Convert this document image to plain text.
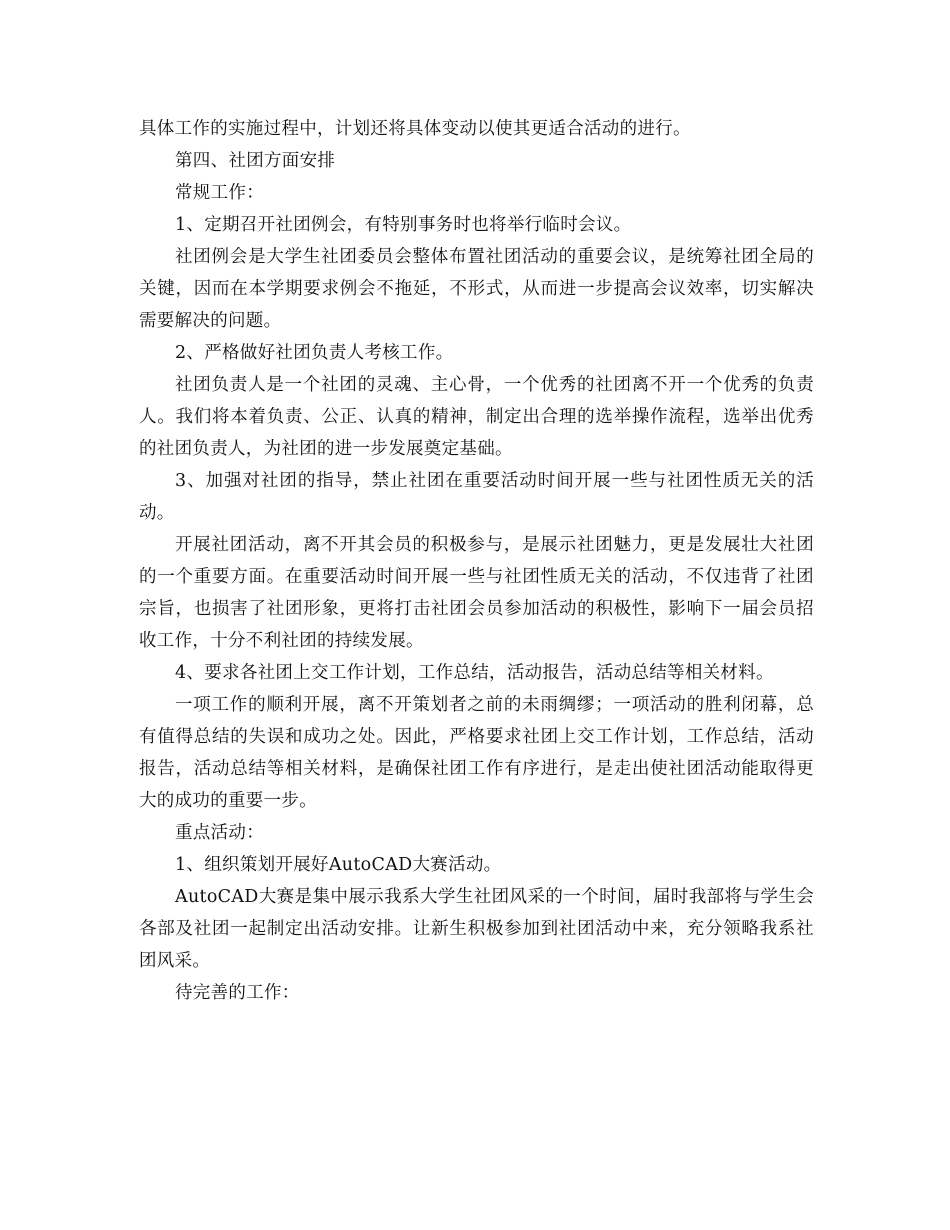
具体工作的实施过程中，计划还将具体变动以使其更适合活动的进行。

第四、社团方面安排

常规工作：

1、定期召开社团例会，有特别事务时也将举行临时会议。

社团例会是大学生社团委员会整体布置社团活动的重要会议，是统筹社团全局的关键，因而在本学期要求例会不拖延，不形式，从而进一步提高会议效率，切实解决需要解决的问题。

2、严格做好社团负责人考核工作。

社团负责人是一个社团的灵魂、主心骨，一个优秀的社团离不开一个优秀的负责人。我们将本着负责、公正、认真的精神，制定出合理的选举操作流程，选举出优秀的社团负责人，为社团的进一步发展奠定基础。

3、加强对社团的指导，禁止社团在重要活动时间开展一些与社团性质无关的活动。

开展社团活动，离不开其会员的积极参与，是展示社团魅力，更是发展壮大社团的一个重要方面。在重要活动时间开展一些与社团性质无关的活动，不仅违背了社团宗旨，也损害了社团形象，更将打击社团会员参加活动的积极性，影响下一届会员招收工作，十分不利社团的持续发展。

4、要求各社团上交工作计划，工作总结，活动报告，活动总结等相关材料。

一项工作的顺利开展，离不开策划者之前的未雨绸缪；一项活动的胜利闭幕，总有值得总结的失误和成功之处。因此，严格要求社团上交工作计划，工作总结，活动报告，活动总结等相关材料，是确保社团工作有序进行，是走出使社团活动能取得更大的成功的重要一步。

重点活动：

1、组织策划开展好AutoCAD大赛活动。

AutoCAD大赛是集中展示我系大学生社团风采的一个时间，届时我部将与学生会各部及社团一起制定出活动安排。让新生积极参加到社团活动中来，充分领略我系社团风采。

待完善的工作：
